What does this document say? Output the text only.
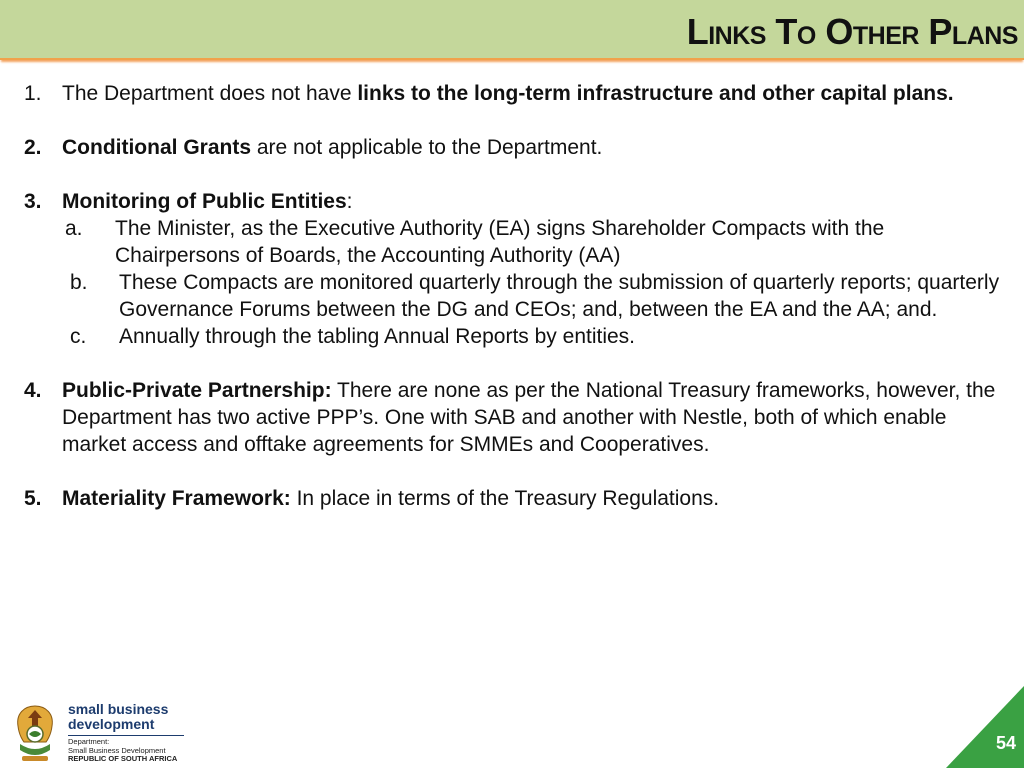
Links To Other Plans
1. The Department does not have links to the long-term infrastructure and other capital plans.
2. Conditional Grants are not applicable to the Department.
3. Monitoring of Public Entities:
a. The Minister, as the Executive Authority (EA) signs Shareholder Compacts with the Chairpersons of Boards, the Accounting Authority (AA)
b. These Compacts are monitored quarterly through the submission of quarterly reports; quarterly Governance Forums between the DG and CEOs; and, between the EA and the AA; and.
c. Annually through the tabling Annual Reports by entities.
4. Public-Private Partnership: There are none as per the National Treasury frameworks, however, the Department has two active PPP’s. One with SAB and another with Nestle, both of which enable market access and offtake agreements for SMMEs and Cooperatives.
5. Materiality Framework: In place in terms of the Treasury Regulations.
small business
development
Department:
Small Business Development
REPUBLIC OF SOUTH AFRICA
54
